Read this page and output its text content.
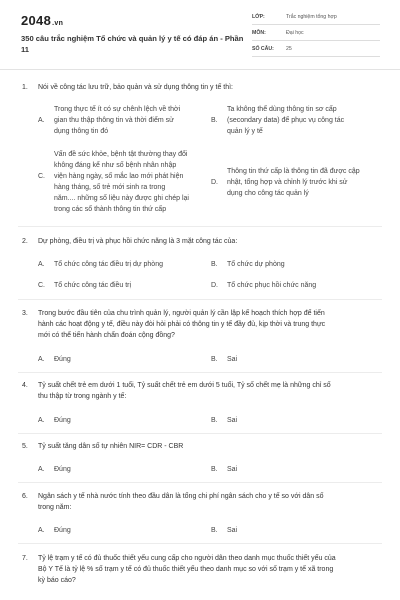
2048.vn
350 câu trắc nghiệm Tổ chức và quản lý y tế có đáp án - Phần 11
LỚP:	Trắc nghiệm tổng hợp
MÔN:	Đại học
SỐ CÂU:	25
1. Nói về công tác lưu trữ, bảo quản và sử dụng thông tin y tế thì:
A.
Trong thực tế ít có sự chênh lệch về thời
gian thu thập thông tin và thời điểm sử
dụng thông tin đó
B.
Ta không thể dùng thông tin sơ cấp
(secondary data) để phục vụ công tác
quản lý y tế
C.
Vấn đề sức khỏe, bệnh tật thường thay đổi
không đáng kể như số bệnh nhân nhập
viện hàng ngày, số mắc lao mới phát hiện
hàng tháng, số trẻ mới sinh ra trong
năm.... những số liệu này được ghi chép lại
trong các sổ thành thông tin thứ cấp
D.
Thông tin thứ cấp là thông tin đã được cập
nhật, tổng hợp và chỉnh lý trước khi sử
dụng cho công tác quản lý
2. Dự phòng, điều trị và phục hồi chức năng là 3 mặt công tác của:
A. Tổ chức công tác điều trị dự phòng	B. Tổ chức dự phòng
C. Tổ chức công tác điều trị	D. Tổ chức phục hồi chức năng
3. Trong bước đầu tiên của chu trình quản lý, người quản lý cần lập kế hoạch thích hợp để tiến
hành các hoạt động y tế, điều này đòi hỏi phải có thông tin y tế đầy đủ, kịp thời và trung thực
mới có thể tiến hành chẩn đoán cộng đồng?
A. Đúng	B. Sai
4. Tỷ suất chết trẻ em dưới 1 tuổi, Tỷ suất chết trẻ em dưới 5 tuổi, Tỷ số chết mẹ là những chỉ số
thu thập từ trong ngành y tế:
A. Đúng	B. Sai
5. Tỷ suất tăng dân số tự nhiên NIR= CDR - CBR
A. Đúng	B. Sai
6. Ngân sách y tế nhà nước tính theo đầu dân là tổng chi phí ngân sách cho y tế so với dân số
trong năm:
A. Đúng	B. Sai
7. Tỷ lệ trạm y tế có đủ thuốc thiết yếu cung cấp cho người dân theo danh mục thuốc thiết yếu của
Bộ Y Tế là tỷ lệ % số trạm y tế có đủ thuốc thiết yếu theo danh mục so với số trạm y tế xã trong
kỳ báo cáo?
